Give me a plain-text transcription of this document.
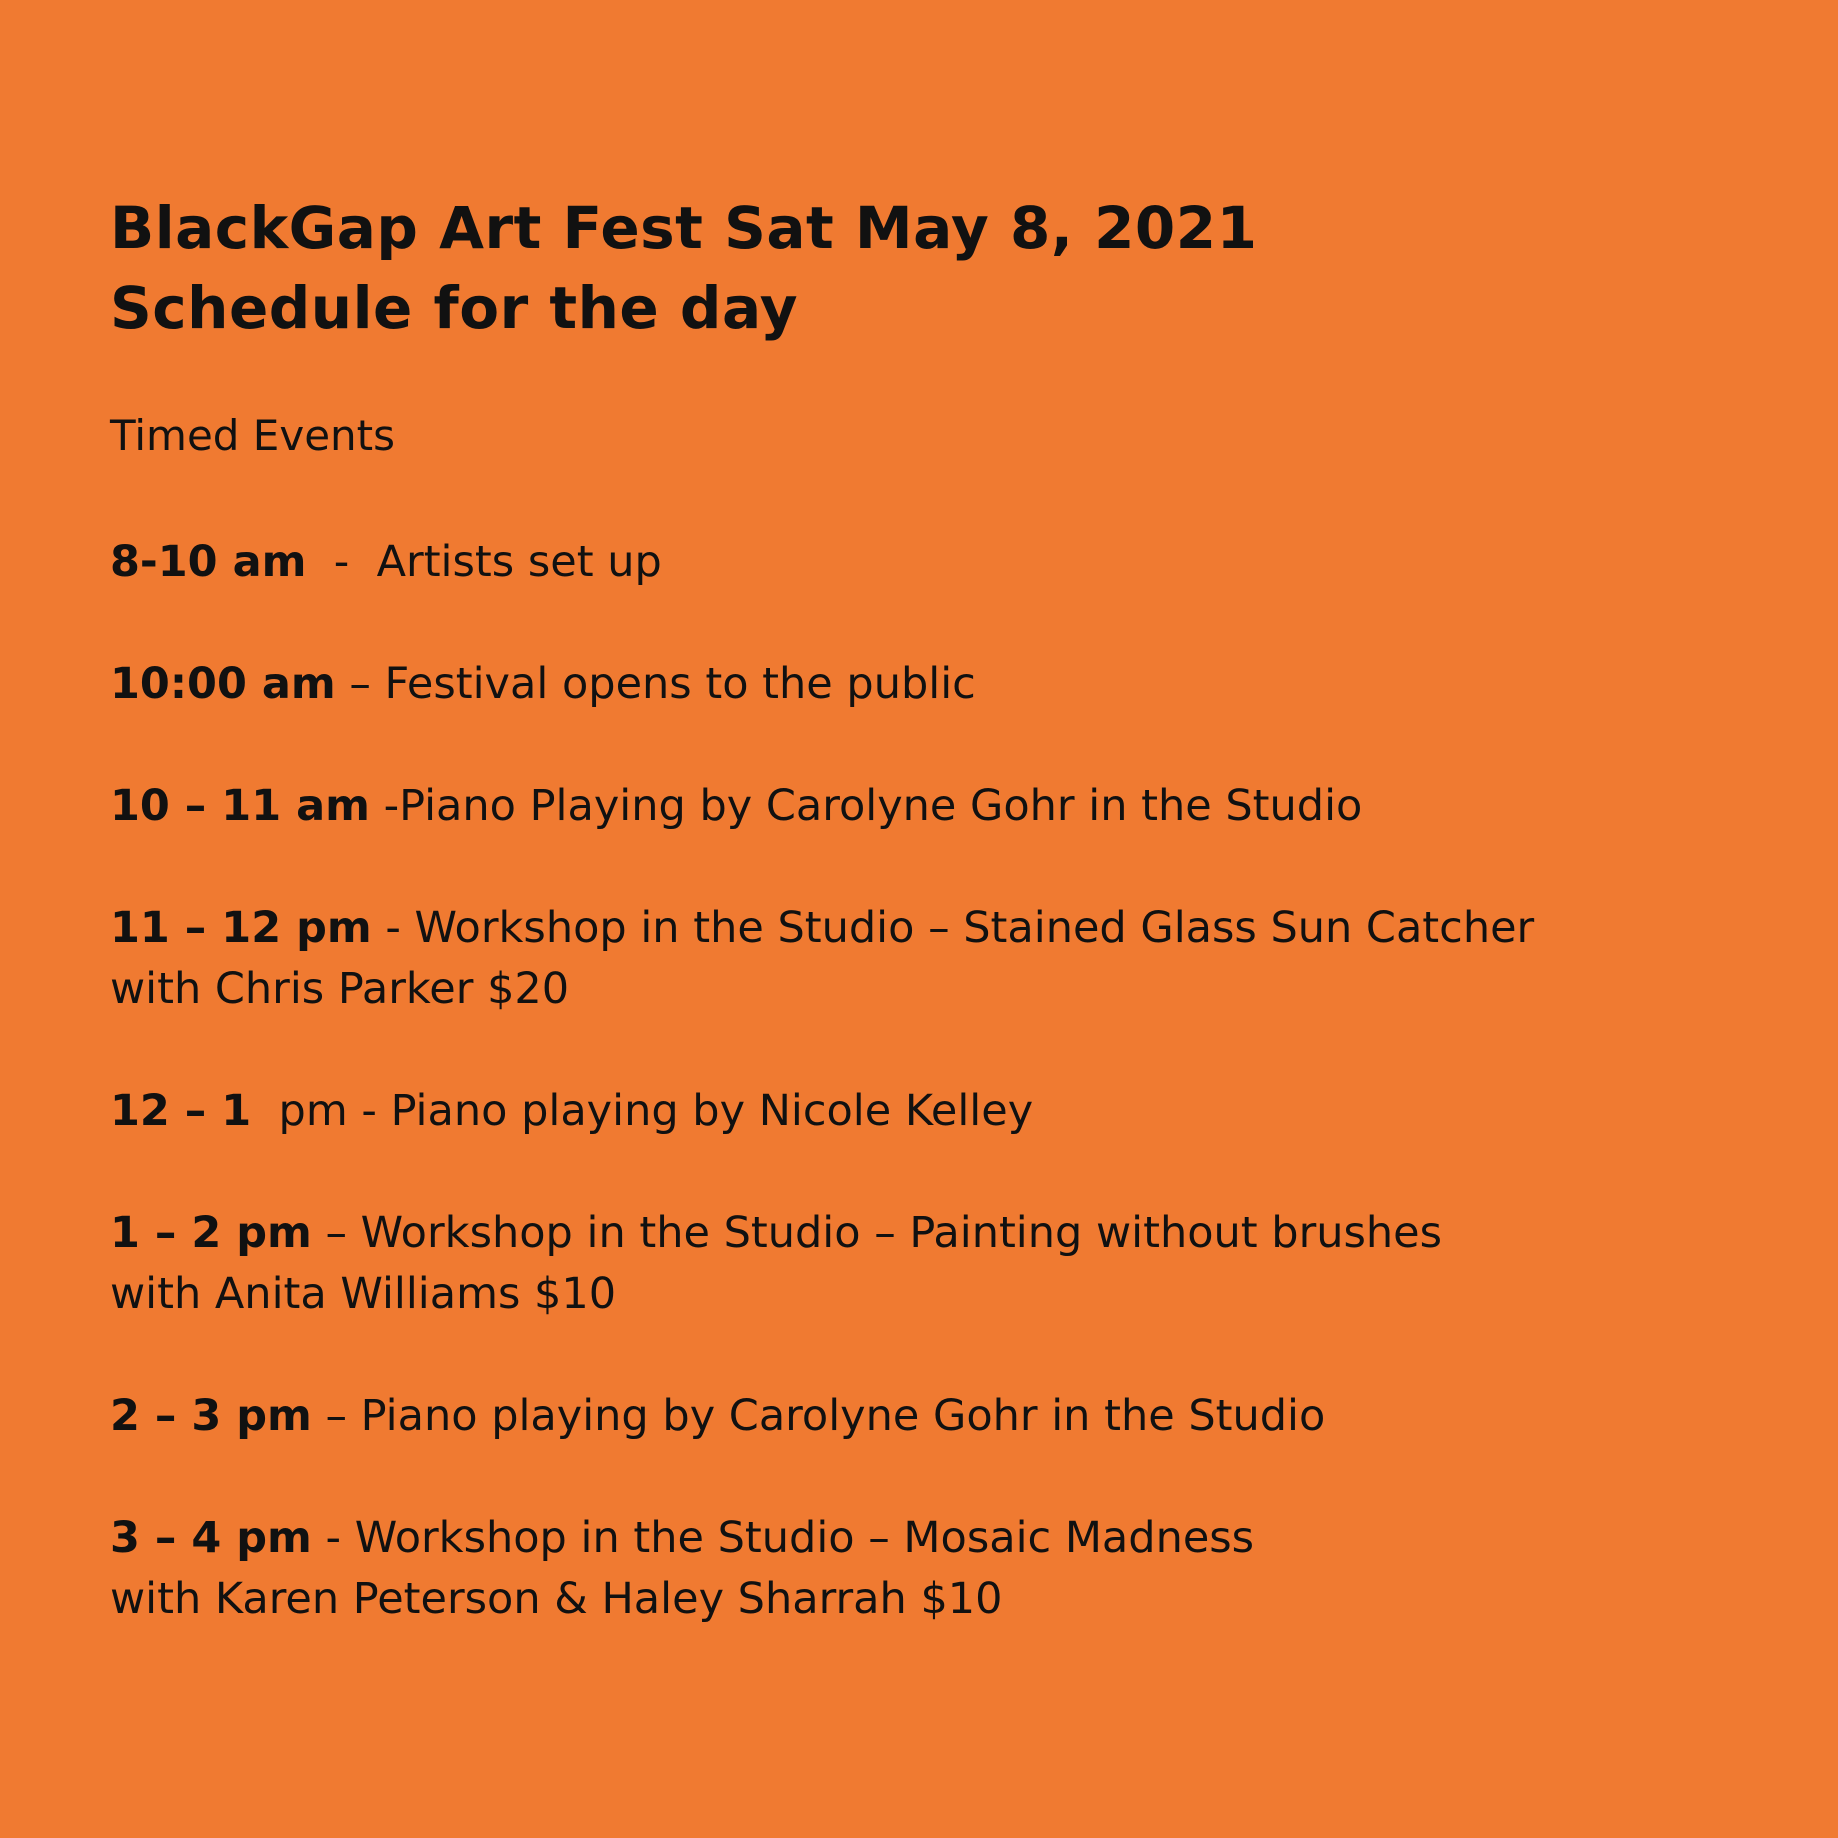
BlackGap Art Fest Sat May 8, 2021
Schedule for the day

Timed Events

8-10 am  -  Artists set up
10:00 am – Festival opens to the public
10 – 11 am -Piano Playing by Carolyne Gohr in the Studio
11 – 12 pm - Workshop in the Studio – Stained Glass Sun Catcher
with Chris Parker $20
12 – 1  pm - Piano playing by Nicole Kelley
1 – 2 pm – Workshop in the Studio – Painting without brushes
with Anita Williams $10
2 – 3 pm – Piano playing by Carolyne Gohr in the Studio
3 – 4 pm - Workshop in the Studio – Mosaic Madness
with Karen Peterson & Haley Sharrah $10
